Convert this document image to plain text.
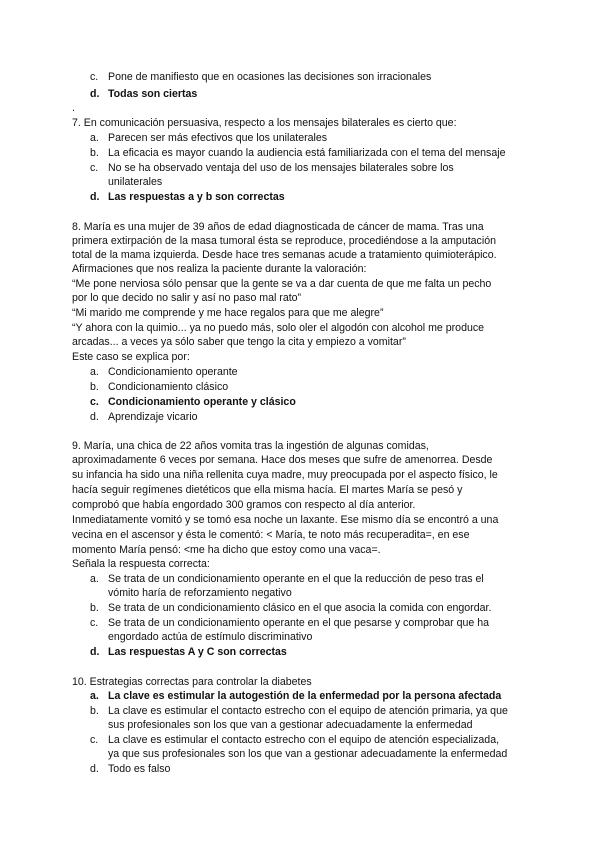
c. Pone de manifiesto que en ocasiones las decisiones son irracionales
d. Todas son ciertas
.
7. En comunicación persuasiva, respecto a los mensajes bilaterales es cierto que:
a. Parecen ser más efectivos que los unilaterales
b. La eficacia es mayor cuando la audiencia está familiarizada con el tema del mensaje
c. No se ha observado ventaja del uso de los mensajes bilaterales sobre los
unilaterales
d. Las respuestas a y b son correctas
8. María es una mujer de 39 años de edad diagnosticada de cáncer de mama. Tras una
primera extirpación de la masa tumoral ésta se reproduce, procediéndose a la amputación
total de la mama izquierda. Desde hace tres semanas acude a tratamiento quimioterápico.
Afirmaciones que nos realiza la paciente durante la valoración:
“Me pone nerviosa sólo pensar que la gente se va a dar cuenta de que me falta un pecho
por lo que decido no salir y así no paso mal rato”
“Mi marido me comprende y me hace regalos para que me alegre”
“Y ahora con la quimio... ya no puedo más, solo oler el algodón con alcohol me produce
arcadas... a veces ya sólo saber que tengo la cita y empiezo a vomitar”
Este caso se explica por:
a. Condicionamiento operante
b. Condicionamiento clásico
c. Condicionamiento operante y clásico
d. Aprendizaje vicario
9. María, una chica de 22 años vomita tras la ingestión de algunas comidas,
aproximadamente 6 veces por semana. Hace dos meses que sufre de amenorrea. Desde
su infancia ha sido una niña rellenita cuya madre, muy preocupada por el aspecto físico, le
hacía seguir regímenes dietéticos que ella misma hacía. El martes María se pesó y
comprobó que había engordado 300 gramos con respecto al día anterior.
Inmediatamente vomitó y se tomó esa noche un laxante. Ese mismo día se encontró a una
vecina en el ascensor y ésta le comentó: < María, te noto más recuperadita=, en ese
momento María pensó: <me ha dicho que estoy como una vaca=.
Señala la respuesta correcta:
a. Se trata de un condicionamiento operante en el que la reducción de peso tras el
vómito haría de reforzamiento negativo
b. Se trata de un condicionamiento clásico en el que asocia la comida con engordar.
c. Se trata de un condicionamiento operante en el que pesarse y comprobar que ha
engordado actúa de estímulo discriminativo
d. Las respuestas A y C son correctas
10. Estrategias correctas para controlar la diabetes
a. La clave es estimular la autogestión de la enfermedad por la persona afectada
b. La clave es estimular el contacto estrecho con el equipo de atención primaria, ya que
sus profesionales son los que van a gestionar adecuadamente la enfermedad
c. La clave es estimular el contacto estrecho con el equipo de atención especializada,
ya que sus profesionales son los que van a gestionar adecuadamente la enfermedad
d. Todo es falso
